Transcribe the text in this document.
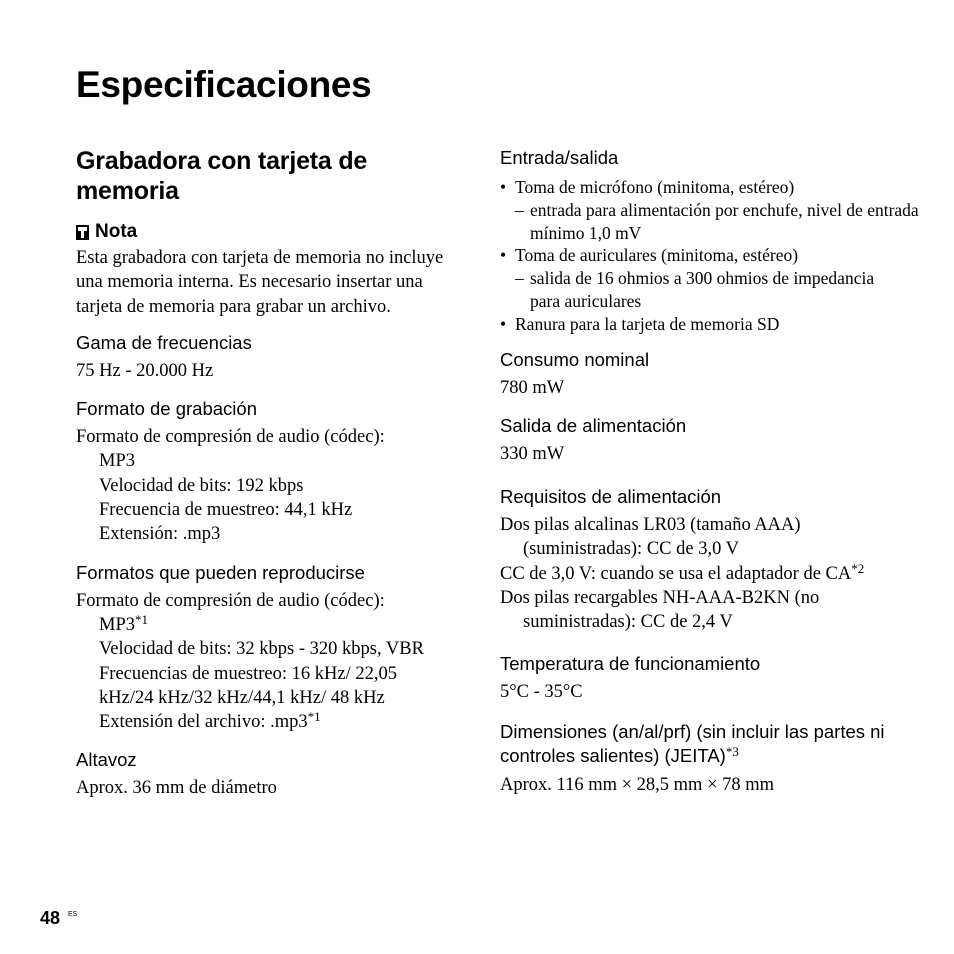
Especificaciones
Grabadora con tarjeta de memoria
Nota
Esta grabadora con tarjeta de memoria no incluye una memoria interna. Es necesario insertar una tarjeta de memoria para grabar un archivo.
Gama de frecuencias
75 Hz - 20.000 Hz
Formato de grabación
Formato de compresión de audio (códec):
MP3
Velocidad de bits: 192 kbps
Frecuencia de muestreo: 44,1 kHz
Extensión: .mp3
Formatos que pueden reproducirse
Formato de compresión de audio (códec):
MP3$^{*1}$
Velocidad de bits: 32 kbps - 320 kbps, VBR
Frecuencias de muestreo: 16 kHz/ 22,05 kHz/24 kHz/32 kHz/44,1 kHz/ 48 kHz
Extensión del archivo: .mp3$^{*1}$
Altavoz
Aprox. 36 mm de diámetro
Entrada/salida
• Toma de micrófono (minitoma, estéreo)
– entrada para alimentación por enchufe, nivel de entrada mínimo 1,0 mV
• Toma de auriculares (minitoma, estéreo)
– salida de 16 ohmios a 300 ohmios de impedancia para auriculares
• Ranura para la tarjeta de memoria SD
Consumo nominal
780 mW
Salida de alimentación
330 mW
Requisitos de alimentación
Dos pilas alcalinas LR03 (tamaño AAA) (suministradas): CC de 3,0 V
CC de 3,0 V: cuando se usa el adaptador de CA$^{*2}$
Dos pilas recargables NH-AAA-B2KN (no suministradas): CC de 2,4 V
Temperatura de funcionamiento
5°C - 35°C
Dimensiones (an/al/prf) (sin incluir las partes ni controles salientes) (JEITA)$^{*3}$
Aprox. 116 mm × 28,5 mm × 78 mm
48 ES
